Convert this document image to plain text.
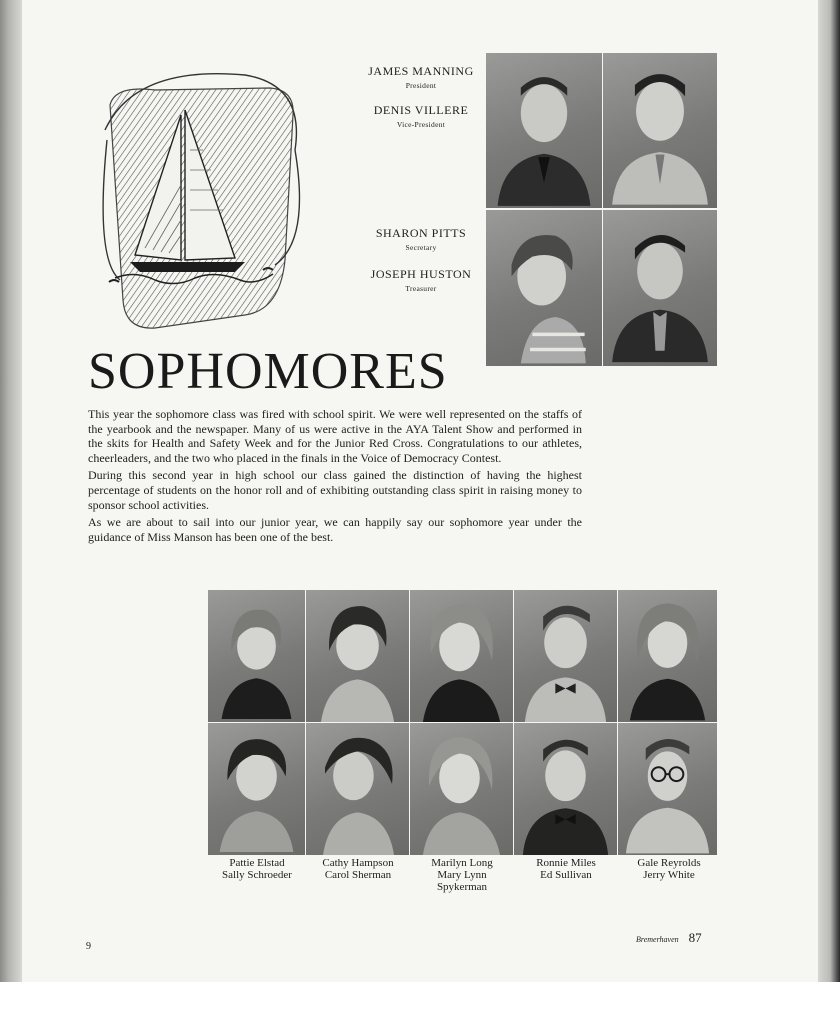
JAMES MANNING
President
DENIS VILLERE
Vice-President
SHARON PITTS
Secretary
JOSEPH HUSTON
Treasurer
SOPHOMORES

This year the sophomore class was fired with school spirit. We were well represented on the staffs of the yearbook and the newspaper. Many of us were active in the AYA Talent Show and performed in the skits for Health and Safety Week and for the Junior Red Cross. Congratulations to our athletes, cheerleaders, and the two who placed in the finals in the Voice of Democracy Contest.

During this second year in high school our class gained the distinction of having the highest percentage of students on the honor roll and of exhibiting outstanding class spirit in raising money to sponsor school activities.

As we are about to sail into our junior year, we can happily say our sophomore year under the guidance of Miss Manson has been one of the best.

Pattie Elstad
Sally Schroeder
Cathy Hampson
Carol Sherman
Marilyn Long
Mary Lynn
Spykerman
Ronnie Miles
Ed Sullivan
Gale Reyrolds
Jerry White
9
Bremerhaven 87
